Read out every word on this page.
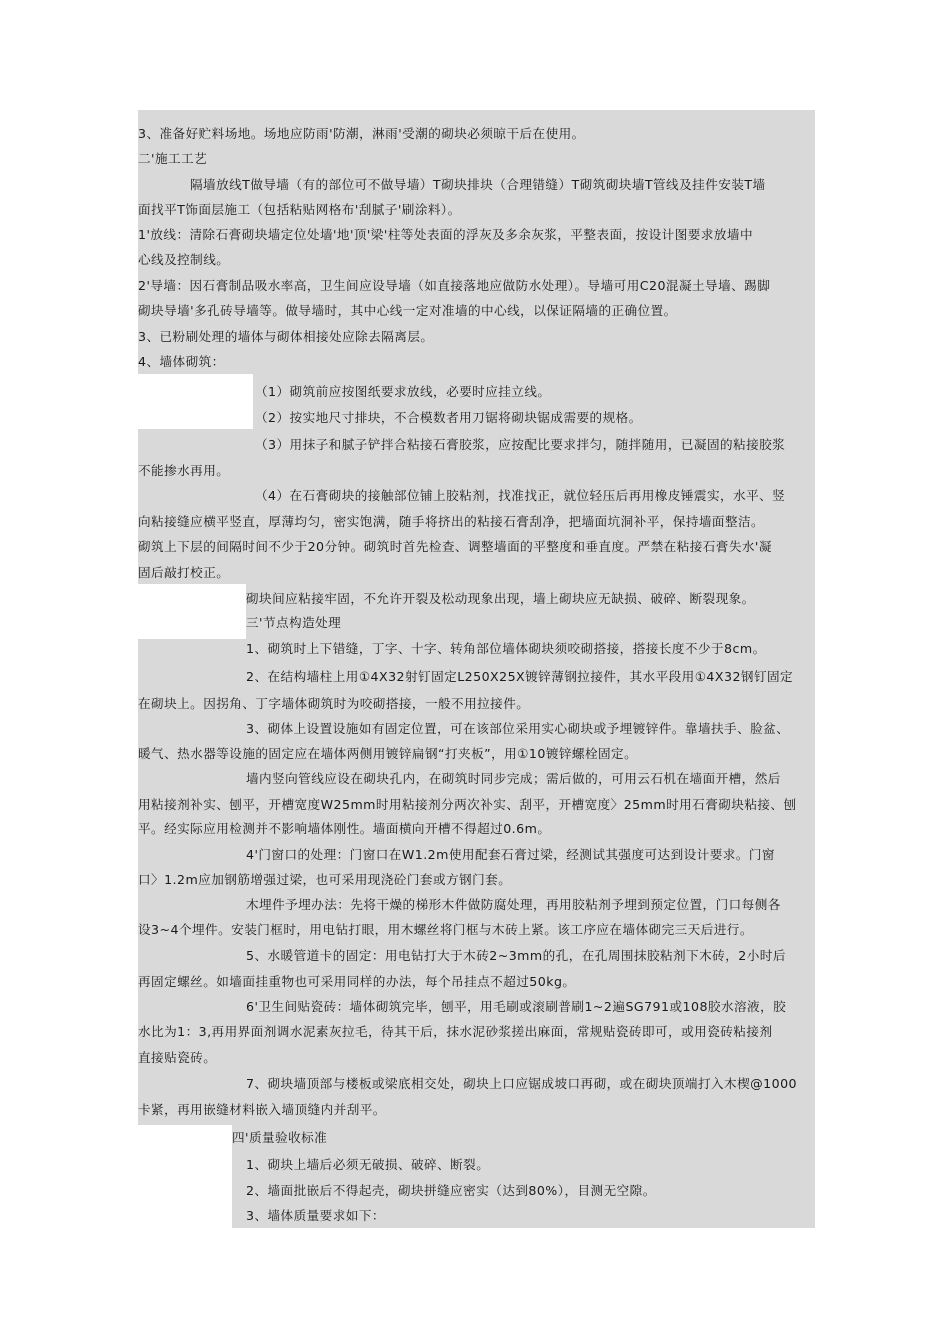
3、准备好贮料场地。场地应防雨'防潮，淋雨'受潮的砌块必须晾干后在使用。
二'施工工艺
隔墙放线T做导墙（有的部位可不做导墙）T砌块排块（合理错缝）T砌筑砌块墙T管线及挂件安装T墙
面找平T饰面层施工（包括粘贴网格布'刮腻子'刷涂料）。
1'放线：清除石膏砌块墙定位处墙'地'顶'梁'柱等处表面的浮灰及多余灰浆，平整表面，按设计图要求放墙中
心线及控制线。
2'导墙：因石膏制品吸水率高，卫生间应设导墙（如直接落地应做防水处理）。导墙可用C20混凝土导墙、踢脚
砌块导墙'多孔砖导墙等。做导墙时，其中心线一定对准墙的中心线，以保证隔墙的正确位置。
3、已粉刷处理的墙体与砌体相接处应除去隔离层。
4、墙体砌筑：
（1）砌筑前应按图纸要求放线，必要时应挂立线。
（2）按实地尺寸排块，不合模数者用刀锯将砌块锯成需要的规格。
（3）用抹子和腻子铲拌合粘接石膏胶浆，应按配比要求拌匀，随拌随用，已凝固的粘接胶浆
不能掺水再用。
（4）在石膏砌块的接触部位铺上胶粘剂，找准找正，就位轻压后再用橡皮锤震实，水平、竖
向粘接缝应横平竖直，厚薄均匀，密实饱满，随手将挤出的粘接石膏刮净，把墙面坑洞补平，保持墙面整洁。
砌筑上下层的间隔时间不少于20分钟。砌筑时首先检查、调整墙面的平整度和垂直度。严禁在粘接石膏失水'凝
固后敲打校正。
砌块间应粘接牢固，不允许开裂及松动现象出现，墙上砌块应无缺损、破碎、断裂现象。
三'节点构造处理
1、砌筑时上下错缝，丁字、十字、转角部位墙体砌块须咬砌搭接，搭接长度不少于8cm。
2、在结构墙柱上用①4X32射钉固定L250X25X镀锌薄钢拉接件，其水平段用①4X32钢钉固定
在砌块上。因拐角、丁字墙体砌筑时为咬砌搭接，一般不用拉接件。
3、砌体上设置设施如有固定位置，可在该部位采用实心砌块或予埋镀锌件。靠墙扶手、脸盆、
暖气、热水器等设施的固定应在墙体两侧用镀锌扁钢“打夹板”，用①10镀锌螺栓固定。
墙内竖向管线应设在砌块孔内，在砌筑时同步完成；需后做的，可用云石机在墙面开槽，然后
用粘接剂补实、刨平，开槽宽度W25mm时用粘接剂分两次补实、刮平，开槽宽度〉25mm时用石膏砌块粘接、刨
平。经实际应用检测并不影响墙体刚性。墙面横向开槽不得超过0.6m。
4'门窗口的处理：门窗口在W1.2m使用配套石膏过梁，经测试其强度可达到设计要求。门窗
口〉1.2m应加钢筋增强过梁，也可采用现浇砼门套或方钢门套。
木埋件予埋办法：先将干燥的梯形木件做防腐处理，再用胶粘剂予埋到预定位置，门口每侧各
设3~4个埋件。安装门框时，用电钻打眼，用木螺丝将门框与木砖上紧。该工序应在墙体砌完三天后进行。
5、水暖管道卡的固定：用电钻打大于木砖2~3mm的孔，在孔周围抹胶粘剂下木砖，2小时后
再固定螺丝。如墙面挂重物也可采用同样的办法，每个吊挂点不超过50kg。
6'卫生间贴瓷砖：墙体砌筑完毕，刨平，用毛刷或滚刷普刷1~2遍SG791或108胶水溶液，胶
水比为1：3,再用界面剂调水泥素灰拉毛，待其干后，抹水泥砂浆搓出麻面，常规贴瓷砖即可，或用瓷砖粘接剂
直接贴瓷砖。
7、砌块墙顶部与楼板或梁底相交处，砌块上口应锯成坡口再砌，或在砌块顶端打入木楔@1000
卡紧，再用嵌缝材料嵌入墙顶缝内并刮平。
四'质量验收标准
1、砌块上墙后必须无破损、破碎、断裂。
2、墙面批嵌后不得起壳，砌块拼缝应密实（达到80%），目测无空隙。
3、墙体质量要求如下：
